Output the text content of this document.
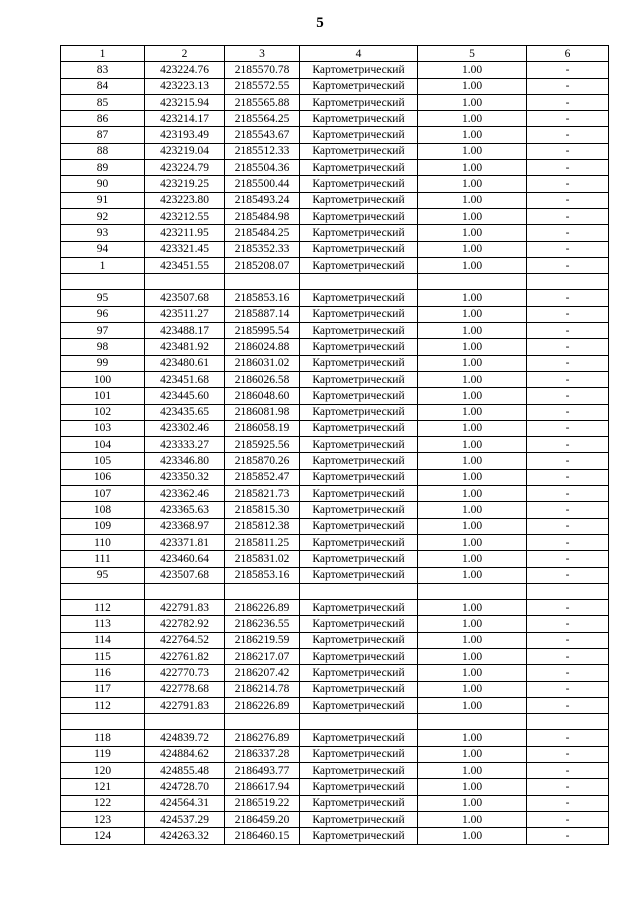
5
1	2	3	4	5	6
83	423224.76	2185570.78	Картометрический	1.00	-
84	423223.13	2185572.55	Картометрический	1.00	-
85	423215.94	2185565.88	Картометрический	1.00	-
86	423214.17	2185564.25	Картометрический	1.00	-
87	423193.49	2185543.67	Картометрический	1.00	-
88	423219.04	2185512.33	Картометрический	1.00	-
89	423224.79	2185504.36	Картометрический	1.00	-
90	423219.25	2185500.44	Картометрический	1.00	-
91	423223.80	2185493.24	Картометрический	1.00	-
92	423212.55	2185484.98	Картометрический	1.00	-
93	423211.95	2185484.25	Картометрический	1.00	-
94	423321.45	2185352.33	Картометрический	1.00	-
1	423451.55	2185208.07	Картометрический	1.00	-

95	423507.68	2185853.16	Картометрический	1.00	-
96	423511.27	2185887.14	Картометрический	1.00	-
97	423488.17	2185995.54	Картометрический	1.00	-
98	423481.92	2186024.88	Картометрический	1.00	-
99	423480.61	2186031.02	Картометрический	1.00	-
100	423451.68	2186026.58	Картометрический	1.00	-
101	423445.60	2186048.60	Картометрический	1.00	-
102	423435.65	2186081.98	Картометрический	1.00	-
103	423302.46	2186058.19	Картометрический	1.00	-
104	423333.27	2185925.56	Картометрический	1.00	-
105	423346.80	2185870.26	Картометрический	1.00	-
106	423350.32	2185852.47	Картометрический	1.00	-
107	423362.46	2185821.73	Картометрический	1.00	-
108	423365.63	2185815.30	Картометрический	1.00	-
109	423368.97	2185812.38	Картометрический	1.00	-
110	423371.81	2185811.25	Картометрический	1.00	-
111	423460.64	2185831.02	Картометрический	1.00	-
95	423507.68	2185853.16	Картометрический	1.00	-

112	422791.83	2186226.89	Картометрический	1.00	-
113	422782.92	2186236.55	Картометрический	1.00	-
114	422764.52	2186219.59	Картометрический	1.00	-
115	422761.82	2186217.07	Картометрический	1.00	-
116	422770.73	2186207.42	Картометрический	1.00	-
117	422778.68	2186214.78	Картометрический	1.00	-
112	422791.83	2186226.89	Картометрический	1.00	-

118	424839.72	2186276.89	Картометрический	1.00	-
119	424884.62	2186337.28	Картометрический	1.00	-
120	424855.48	2186493.77	Картометрический	1.00	-
121	424728.70	2186617.94	Картометрический	1.00	-
122	424564.31	2186519.22	Картометрический	1.00	-
123	424537.29	2186459.20	Картометрический	1.00	-
124	424263.32	2186460.15	Картометрический	1.00	-
